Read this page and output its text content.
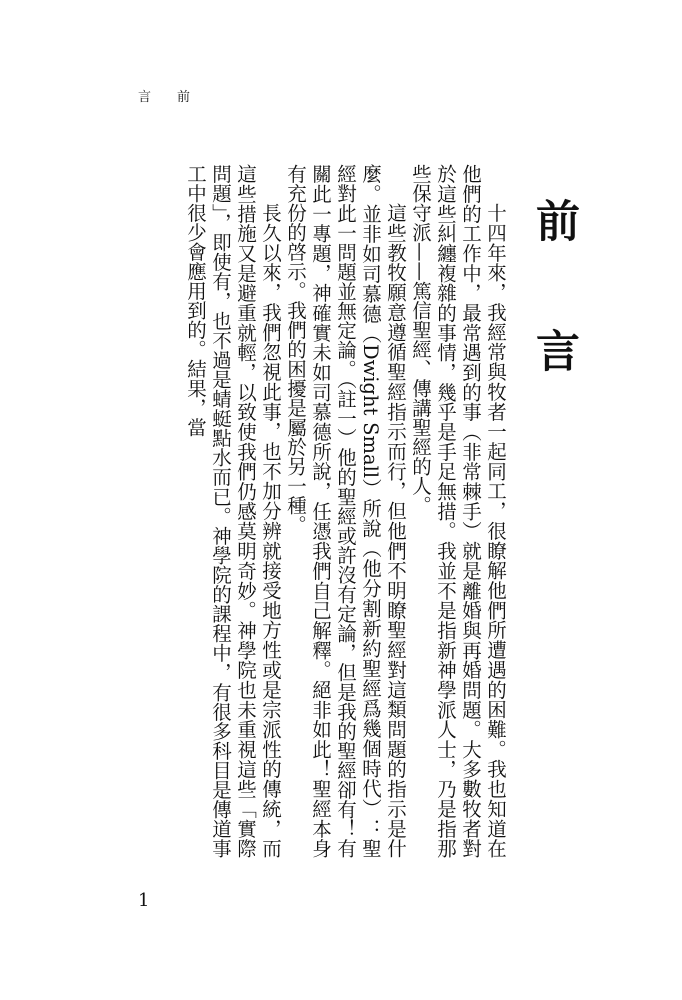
言　　前
前言

十四年來，我經常與牧者一起同工，很瞭解他們所遭遇的困難。我也知道在他們的工作中，最常遇到的事（非常棘手）就是離婚與再婚問題。大多數牧者對於這些糾纏複雜的事情，幾乎是手足無措。我並不是指新神學派人士，乃是指那些保守派——篤信聖經、傳講聖經的人。

這些教牧願意遵循聖經指示而行，但他們不明瞭聖經對這類問題的指示是什麼。並非如司慕德（Dwight Small）所說（他分割新約聖經爲幾個時代）：聖經對此一問題並無定論。（註一）他的聖經或許沒有定論，但是我的聖經卻有！有關此一專題，神確實未如司慕德所說，任憑我們自己解釋。絕非如此！聖經本身有充份的啓示。我們的困擾是屬於另一種。

長久以來，我們忽視此事，也不加分辨就接受地方性或是宗派性的傳統，而這些措施又是避重就輕，以致使我們仍感莫明奇妙。神學院也未重視這些「實際問題」，即使有，也不過是蜻蜓點水而已。神學院的課程中，有很多科目是傳道事工中很少會應用到的。結果，當

1
